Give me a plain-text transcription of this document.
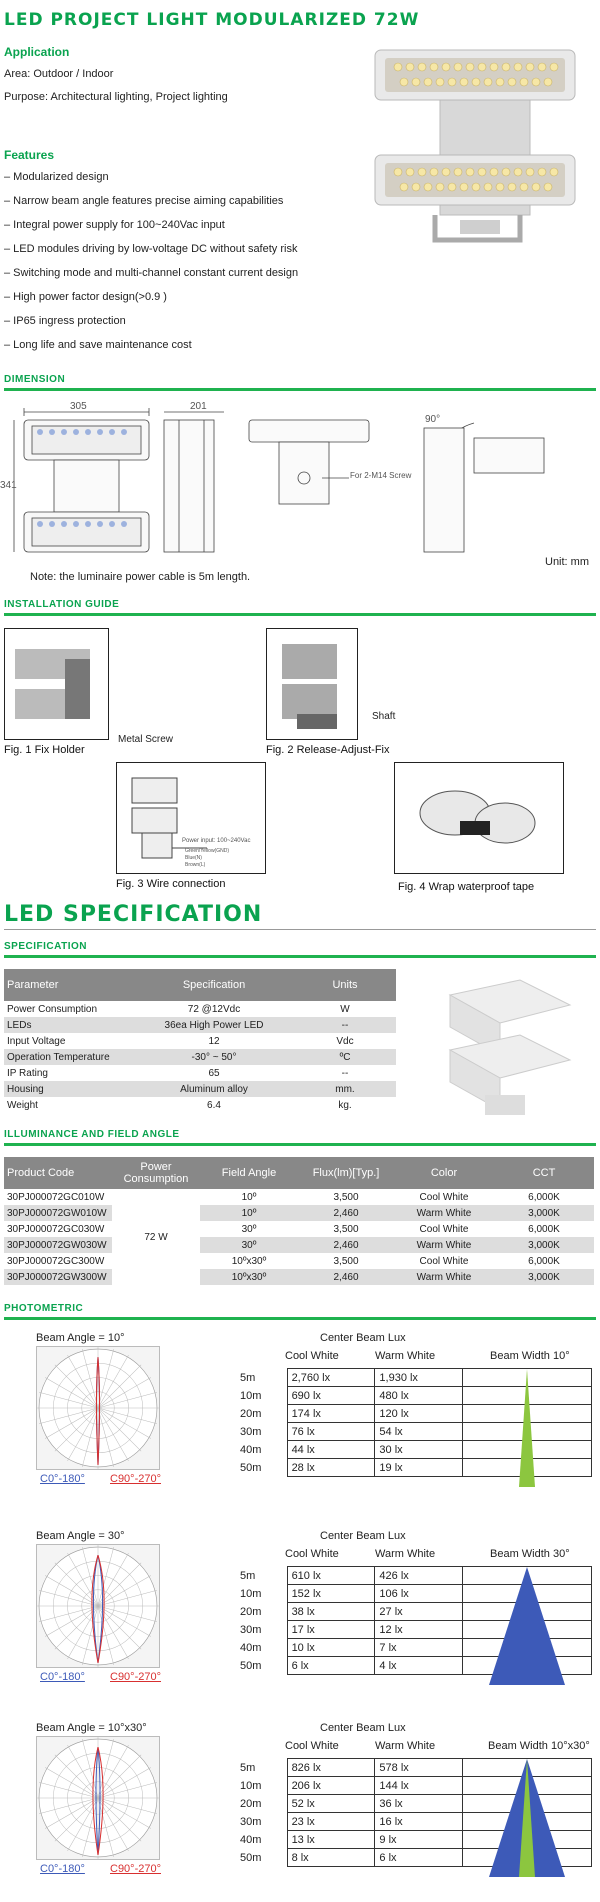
LED PROJECT LIGHT MODULARIZED 72W
Application
Area: Outdoor / Indoor
Purpose: Architectural lighting, Project lighting
Features
– Modularized design
– Narrow beam angle features precise aiming capabilities
– Integral power supply for 100~240Vac input
– LED modules driving by low-voltage DC without safety risk
– Switching mode and multi-channel constant current design
– High power factor design(>0.9 )
– IP65 ingress protection
– Long life and save maintenance cost
DIMENSION
305
341
201
90°
For 2-M14 Screw
Note: the luminaire power cable is 5m length.
Unit: mm
INSTALLATION GUIDE
Metal Screw
Fig. 1 Fix Holder
Shaft
Fig. 2 Release-Adjust-Fix
Power input: 100~240Vac
Green/Yellow(GND)
Blue(N)
Brown(L)
Fig. 3 Wire connection	Fig. 4 Wrap waterproof tape
LED SPECIFICATION
SPECIFICATION
Parameter	Specification	Units
Power Consumption	72 @12Vdc	W
LEDs	36ea High Power LED	--
Input Voltage	12	Vdc
Operation Temperature	-30° ~ 50°	ºC
IP Rating	65	--
Housing	Aluminum alloy	mm.
Weight	6.4	kg.
ILLUMINANCE AND FIELD ANGLE
Product Code	Power Consumption	Field Angle	Flux(lm)[Typ.]	Color	CCT
30PJ000072GC010W	72 W	10º	3,500	Cool White	6,000K
30PJ000072GW010W		10º	2,460	Warm White	3,000K
30PJ000072GC030W		30º	3,500	Cool White	6,000K
30PJ000072GW030W		30º	2,460	Warm White	3,000K
30PJ000072GC300W		10ºx30º	3,500	Cool White	6,000K
30PJ000072GW300W		10ºx30º	2,460	Warm White	3,000K
PHOTOMETRIC
Beam Angle = 10°
C0°-180° C90°-270°
Center Beam Lux
Cool White	Warm White	Beam Width 10°
5m	2,760 lx	1,930 lx	
10m	690 lx	480 lx	
20m	174 lx	120 lx	
30m	76 lx	54 lx	
40m	44 lx	30 lx	
50m	28 lx	19 lx	
Beam Angle = 30°
C0°-180° C90°-270°
Center Beam Lux
Cool White	Warm White	Beam Width 30°
5m	610 lx	426 lx	
10m	152 lx	106 lx	
20m	38 lx	27 lx	
30m	17 lx	12 lx	
40m	10 lx	7 lx	
50m	6 lx	4 lx	
Beam Angle = 10°x30°
C0°-180° C90°-270°
Center Beam Lux
Cool White	Warm White	Beam Width 10°x30°
5m	826 lx	578 lx	
10m	206 lx	144 lx	
20m	52 lx	36 lx	
30m	23 lx	16 lx	
40m	13 lx	9 lx	
50m	8 lx	6 lx	
